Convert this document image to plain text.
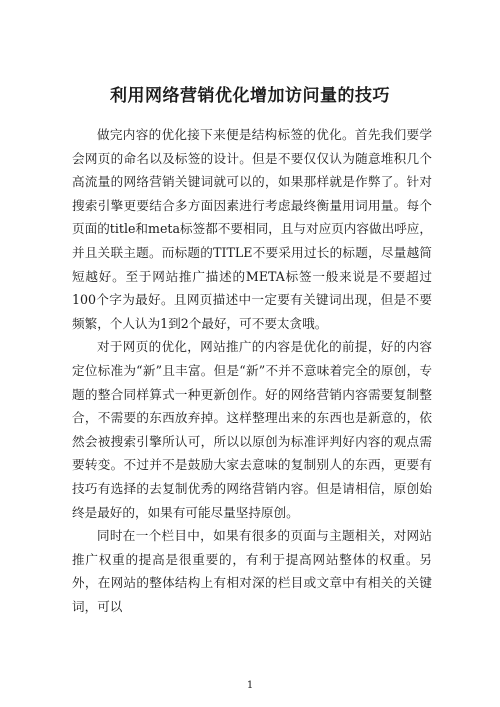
利用网络营销优化增加访问量的技巧

做完内容的优化接下来便是结构标签的优化。首先我们要学会网页的命名以及标签的设计。但是不要仅仅认为随意堆积几个高流量的网络营销关键词就可以的，如果那样就是作弊了。针对搜索引擎更要结合多方面因素进行考虑最终衡量用词用量。每个页面的title和meta标签都不要相同，且与对应页内容做出呼应，并且关联主题。而标题的TITLE不要采用过长的标题，尽量越简短越好。至于网站推广描述的META标签一般来说是不要超过100个字为最好。且网页描述中一定要有关键词出现，但是不要频繁，个人认为1到2个最好，可不要太贪哦。

对于网页的优化，网站推广的内容是优化的前提，好的内容定位标准为“新”且丰富。但是“新”不并不意味着完全的原创，专题的整合同样算式一种更新创作。好的网络营销内容需要复制整合，不需要的东西放弃掉。这样整理出来的东西也是新意的，依然会被搜索引擎所认可，所以以原创为标准评判好内容的观点需要转变。不过并不是鼓励大家去意味的复制别人的东西，更要有技巧有选择的去复制优秀的网络营销内容。但是请相信，原创始终是最好的，如果有可能尽量坚持原创。

同时在一个栏目中，如果有很多的页面与主题相关，对网站推广权重的提高是很重要的，有利于提高网站整体的权重。另外，在网站的整体结构上有相对深的栏目或文章中有相关的关键词，可以

1
